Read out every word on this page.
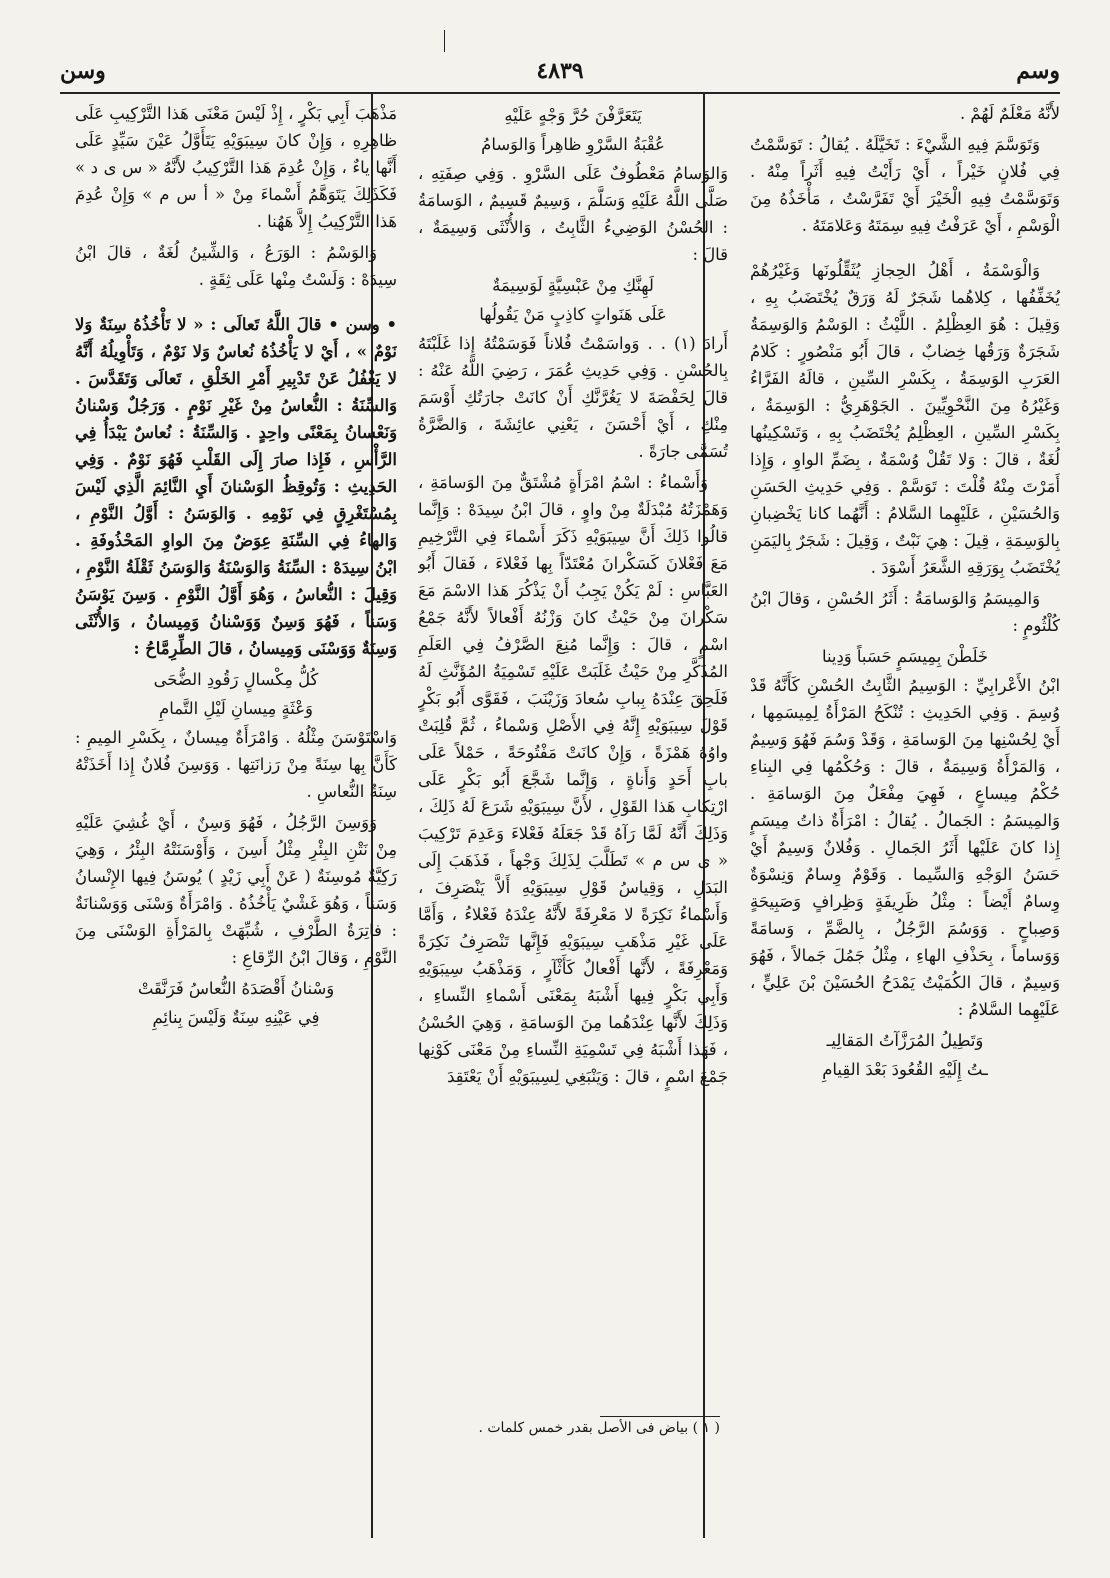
وسم
٤٨٣٩
وسن

لأَنَّهُ مَعْلَمٌ لَهُمْ .

وَتَوَسَّمَ فِيهِ الشَّيْءَ : تَخَيَّلَهُ . يُقالُ : تَوَسَّمْتُ فِي فُلانٍ خَيْراً ، أَيْ رَأَيْتُ فِيهِ أَثَراً مِنْهُ . وَتَوَسَّمْتُ فِيهِ الْخَيْرَ أَيْ تَفَرَّسْتُ ، مَأْخَذُهُ مِنَ الْوَسْمِ ، أَيْ عَرَفْتُ فِيهِ سِمَتَهُ وَعَلامَتَهُ .

وَالْوَسْمَةُ ، أَهْلُ الحِجازِ يُثَقِّلُونَها وَغَيْرُهُمْ يُخَفِّفُها ، كِلاهُما شَجَرٌ لَهُ وَرَقٌ يُخْتَضَبُ بِهِ ، وَقِيلَ : هُوَ العِظْلِمُ . اللَّيْثُ : الوَسْمُ وَالوَسِمَةُ شَجَرَةٌ وَرَقُها خِضابٌ ، قالَ أَبُو مَنْصُورٍ : كَلامُ العَرَبِ الوَسِمَةُ ، بِكَسْرِ السِّينِ ، قالَهُ الفَرَّاءُ وَغَيْرُهُ مِنَ النَّحْوِيِّينَ . الجَوْهَرِيُّ : الوَسِمَةُ ، بِكَسْرِ السِّينِ ، العِظْلِمُ يُخْتَضَبُ بِهِ ، وَتَسْكِينُها لُغَةٌ ، قالَ : وَلا تَقُلْ وُسْمَةٌ ، بِضَمِّ الواوِ ، وَإِذا أَمَرْتَ مِنْهُ قُلْتَ : تَوَسَّمْ . وَفِي حَدِيثِ الحَسَنِ وَالحُسَيْنِ ، عَلَيْهِما السَّلامُ : أَنَّهُما كانا يَخْضِبانِ بِالوَسِمَةِ ، قِيلَ : هِيَ نَبْتٌ ، وَقِيلَ : شَجَرٌ بِاليَمَنِ يُخْتَضَبُ بِوَرَقِهِ الشَّعَرُ أَسْوَدَ .

وَالمِيسَمُ وَالوَسامَةُ : أَثَرُ الحُسْنِ ، وَقالَ ابْنُ كُلْثُومٍ :

خَلَطْنَ بِمِيسَمٍ حَسَباً وَدِينا

ابْنُ الأَعْرابِيِّ : الوَسِيمُ الثَّابِتُ الحُسْنِ كَأَنَّهُ قَدْ وُسِمَ . وَفِي الحَدِيثِ : تُنْكَحُ المَرْأَةُ لِمِيسَمِها ، أَيْ لِحُسْنِها مِنَ الوَسامَةِ ، وَقَدْ وَسُمَ فَهُوَ وَسِيمٌ ، وَالمَرْأَةُ وَسِيمَةٌ ، قالَ : وَحُكْمُها فِي البِناءِ حُكْمُ مِيساعٍ ، فَهِيَ مِفْعَلٌ مِنَ الوَسامَةِ . وَالمِيسَمُ : الجَمالُ . يُقالُ : امْرَأَةٌ ذاتُ مِيسَمٍ إِذا كانَ عَلَيْها أَثَرُ الجَمالِ . وَفُلانٌ وَسِيمٌ أَيْ حَسَنُ الوَجْهِ وَالسِّيما . وَقَوْمٌ وِسامٌ وَنِسْوَةٌ وِسامٌ أَيْضاً : مِثْلُ ظَرِيفَةٍ وَظِرافٍ وَصَبِيحَةٍ وَصِباحٍ . وَوَسُمَ الرَّجُلُ ، بِالضَّمِّ ، وَسامَةً وَوَساماً ، بِحَذْفِ الهاءِ ، مِثْلُ جَمُلَ جَمالاً ، فَهُوَ وَسِيمٌ ، قالَ الكُمَيْتُ يَمْدَحُ الحُسَيْنَ بْنَ عَلِيٍّ ، عَلَيْهِما السَّلامُ :

وَتَطِيلُ المُرَزَّآتُ المَقالِيـ

ـتُ إِلَيْهِ القُعُودَ بَعْدَ القِيامِ

يَتَعَرَّفْنَ حُرَّ وَجْهٍ عَلَيْهِ

عُقْبَةُ السَّرْوِ ظاهِراً وَالوَسامُ

وَالوَسامُ مَعْطُوفٌ عَلَى السَّرْوِ . وَفِي صِفَتِهِ ، صَلَّى اللَّهُ عَلَيْهِ وَسَلَّمَ ، وَسِيمٌ قَسِيمٌ ، الوَسامَةُ : الحُسْنُ الوَضِيءُ الثَّابِتُ ، وَالأُنْثَى وَسِيمَةٌ ، قالَ :

لَهِنَّكِ مِنْ عَبْسِيَّةٍ لَوَسِيمَةٌ

عَلَى هَنَواتٍ كاذِبٍ مَنْ يَقُولُها

أَرادَ (١) . . وَواسَمْتُ فُلاناً فَوَسَمْتُهُ إِذا غَلَبْتَهُ بِالحُسْنِ . وَفِي حَدِيثِ عُمَرَ ، رَضِيَ اللَّهُ عَنْهُ : قالَ لِحَفْصَةَ لا يَغُرَّنَّكِ أَنْ كانَتْ جارَتُكِ أَوْسَمَ مِنْكِ ، أَيْ أَحْسَنَ ، يَعْنِي عائِشَةَ ، وَالضَّرَّةُ تُسَمَّى جارَةً .

وَأَسْماءُ : اسْمُ امْرَأَةٍ مُشْتَقٌّ مِنَ الوَسامَةِ ، وَهَمْزَتُهُ مُبْدَلَةٌ مِنْ واوٍ ، قالَ ابْنُ سِيدَهْ : وَإِنَّما قالُوا ذَلِكَ أَنَّ سِيبَوَيْهِ ذَكَرَ أَسْماءَ فِي التَّرْخِيمِ مَعَ فَعْلانَ كَسَكْرانَ مُعْتَدّاً بِها فَعْلاءَ ، فَقالَ أَبُو العَبَّاسِ : لَمْ يَكُنْ يَجِبُ أَنْ يَذْكُرَ هَذا الاسْمَ مَعَ سَكْرانَ مِنْ حَيْثُ كانَ وَزْنُهُ أَفْعالاً لأَنَّهُ جَمْعُ اسْمٍ ، قالَ : وَإِنَّما مُنِعَ الصَّرْفُ فِي العَلَمِ المُذَكَّرِ مِنْ حَيْثُ غَلَبَتْ عَلَيْهِ تَسْمِيَةُ المُؤَنَّثِ لَهُ فَلَحِقَ عِنْدَهُ بِبابِ سُعادَ وَزَيْنَبَ ، فَقَوَّى أَبُو بَكْرٍ قَوْلَ سِيبَوَيْهِ إِنَّهُ فِي الأَصْلِ وَسْماءُ ، ثُمَّ قُلِبَتْ واوُهُ هَمْزَةً ، وَإِنْ كانَتْ مَفْتُوحَةً ، حَمْلاً عَلَى بابِ أَحَدٍ وَأَناةٍ ، وَإِنَّما شَجَّعَ أَبُو بَكْرٍ عَلَى ارْتِكابِ هَذا القَوْلِ ، لأَنَّ سِيبَوَيْهِ شَرَعَ لَهُ ذَلِكَ ، وَذَلِكَ أَنَّهُ لَمَّا رَآهُ قَدْ جَعَلَهُ فَعْلاءَ وَعَدِمَ تَرْكِيبَ « ى س م » تَطَلَّبَ لِذَلِكَ وَجْهاً ، فَذَهَبَ إِلَى البَدَلِ ، وَقِياسُ قَوْلِ سِيبَوَيْهِ أَلاَّ يَنْصَرِفَ ، وَأَسْماءُ نَكِرَةً لا مَعْرِفَةً لأَنَّهُ عِنْدَهُ فَعْلاءُ ، وَأَمَّا عَلَى غَيْرِ مَذْهَبِ سِيبَوَيْهِ فَإِنَّها تَنْصَرِفُ نَكِرَةً وَمَعْرِفَةً ، لأَنَّها أَفْعالٌ كَأَثْآرٍ ، وَمَذْهَبُ سِيبَوَيْهِ وَأَبِي بَكْرٍ فِيها أَشْبَهُ بِمَعْنَى أَسْماءِ النِّساءِ ، وَذَلِكَ لأَنَّها عِنْدَهُما مِنَ الوَسامَةِ ، وَهِيَ الحُسْنُ ، فَهَذا أَشْبَهُ فِي تَسْمِيَةِ النِّساءِ مِنْ مَعْنَى كَوْنِها جَمْعَ اسْمٍ ، قالَ : وَيَنْبَغِي لِسِيبَوَيْهِ أَنْ يَعْتَقِدَ

( ١ ) بياض فى الأصل بقدر خمس كلمات .

مَذْهَبَ أَبِي بَكْرٍ ، إِذْ لَيْسَ مَعْنَى هَذا التَّرْكِيبِ عَلَى ظاهِرِهِ ، وَإِنْ كانَ سِيبَوَيْهِ يَتَأَوَّلُ عَيْنَ سَيِّدٍ عَلَى أَنَّها ياءٌ ، وَإِنْ عُدِمَ هَذا التَّرْكِيبُ لأَنَّهُ « س ى د » فَكَذَلِكَ يَتَوَهَّمُ أَسْماءَ مِنْ « أ س م » وَإِنْ عُدِمَ هَذا التَّرْكِيبُ إِلاَّ هَهُنا .

وَالوَسْمُ : الوَرَعُ ، وَالشِّينُ لُغَةٌ ، قالَ ابْنُ سِيدَهْ : وَلَسْتُ مِنْها عَلَى ثِقَةٍ .

• وسن • قالَ اللَّهُ تَعالَى : « لا تَأْخُذُهُ سِنَةٌ وَلا نَوْمٌ » ، أَيْ لا يَأْخُذُهُ نُعاسٌ وَلا نَوْمٌ ، وَتَأْوِيلُهُ أَنَّهُ لا يَغْفُلُ عَنْ تَدْبِيرِ أَمْرِ الخَلْقِ ، تَعالَى وَتَقَدَّسَ . وَالسِّنَةُ : النُّعاسُ مِنْ غَيْرِ نَوْمٍ . وَرَجُلٌ وَسْنانُ وَنَعْسانُ بِمَعْنًى واحِدٍ . وَالسِّنَةُ : نُعاسٌ يَبْدَأُ فِي الرَّأْسِ ، فَإِذا صارَ إِلَى القَلْبِ فَهُوَ نَوْمٌ . وَفِي الحَدِيثِ : وَتُوقِظُ الوَسْنانَ أَيِ النَّائِمَ الَّذِي لَيْسَ بِمُسْتَغْرِقٍ فِي نَوْمِهِ . وَالوَسَنُ : أَوَّلُ النَّوْمِ ، وَالهاءُ فِي السِّنَةِ عِوَضٌ مِنَ الواوِ المَحْذُوفَةِ . ابْنُ سِيدَهْ : السِّنَةُ وَالوَسْنَةُ وَالوَسَنُ ثَقْلَةُ النَّوْمِ ، وَقِيلَ : النُّعاسُ ، وَهُوَ أَوَّلُ النَّوْمِ . وَسِنَ يَوْسَنُ وَسَناً ، فَهُوَ وَسِنٌ وَوَسْنانُ وَمِيسانُ ، وَالأُنْثَى وَسِنَةٌ وَوَسْنَى وَمِيسانُ ، قالَ الطِّرِمَّاحُ :

كُلُّ مِكْسالٍ رَقُودِ الضُّحَى

وَعْثَةٍ مِيسانِ لَيْلِ التَّمامِ

وَاسْتَوْسَنَ مِثْلُهُ . وَامْرَأَةٌ مِيسانٌ ، بِكَسْرِ المِيمِ : كَأَنَّ بِها سِنَةً مِنْ رَزانَتِها . وَوَسِنَ فُلانٌ إِذا أَخَذَتْهُ سِنَةُ النُّعاسِ .

وَوَسِنَ الرَّجُلُ ، فَهُوَ وَسِنٌ ، أَيْ غُشِيَ عَلَيْهِ مِنْ نَتْنِ البِئْرِ مِثْلُ أَسِنَ ، وَأَوْسَنَتْهُ البِئْرُ ، وَهِيَ رَكِيَّةٌ مُوسِنَةٌ ( عَنْ أَبِي زَيْدٍ ) يُوسَنُ فِيها الإِنْسانُ وَسَناً ، وَهُوَ غَشْيٌ يَأْخُذُهُ . وَامْرَأَةٌ وَسْنَى وَوَسْنانَةٌ : فاتِرَةُ الطَّرْفِ ، شُبِّهَتْ بِالمَرْأَةِ الوَسْنَى مِنَ النَّوْمِ ، وَقالَ ابْنُ الرِّقاعِ :

وَسْنانُ أَقْصَدَهُ النُّعاسُ فَرَنَّقَتْ

فِي عَيْنِهِ سِنَةٌ وَلَيْسَ بِنائِمِ
